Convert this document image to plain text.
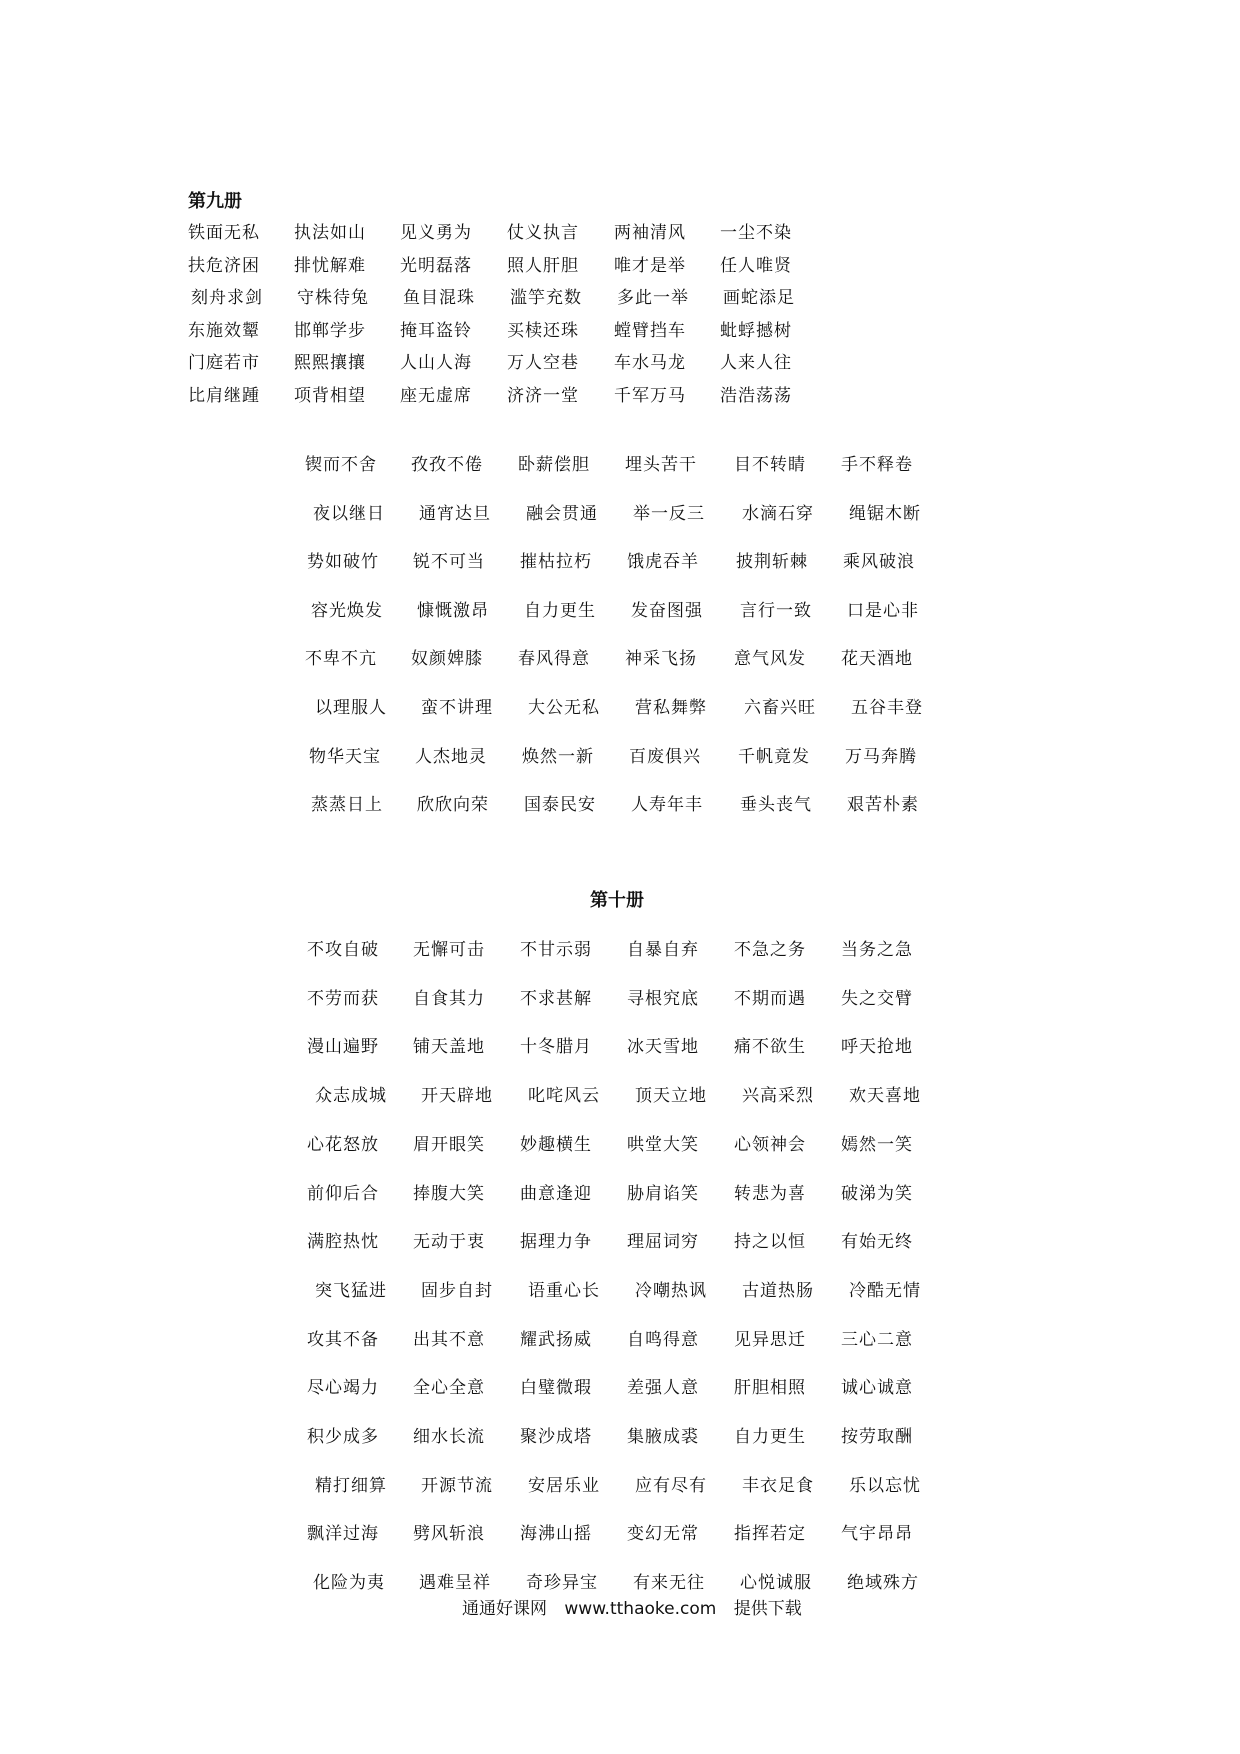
第九册
铁面无私 执法如山 见义勇为 仗义执言 两袖清风 一尘不染
扶危济困 排忧解难 光明磊落 照人肝胆 唯才是举 任人唯贤
刻舟求剑 守株待兔 鱼目混珠 滥竽充数 多此一举 画蛇添足
东施效颦 邯郸学步 掩耳盗铃 买椟还珠 螳臂挡车 蚍蜉撼树
门庭若市 熙熙攘攘 人山人海 万人空巷 车水马龙 人来人往
比肩继踵 项背相望 座无虚席 济济一堂 千军万马 浩浩荡荡
锲而不舍 孜孜不倦 卧薪偿胆 埋头苦干 目不转睛 手不释卷
夜以继日 通宵达旦 融会贯通 举一反三 水滴石穿 绳锯木断
势如破竹 锐不可当 摧枯拉朽 饿虎吞羊 披荆斩棘 乘风破浪
容光焕发 慷慨激昂 自力更生 发奋图强 言行一致 口是心非
不卑不亢 奴颜婢膝 春风得意 神采飞扬 意气风发 花天酒地
以理服人 蛮不讲理 大公无私 营私舞弊 六畜兴旺 五谷丰登
物华天宝 人杰地灵 焕然一新 百废俱兴 千帆竟发 万马奔腾
蒸蒸日上 欣欣向荣 国泰民安 人寿年丰 垂头丧气 艰苦朴素
第十册
不攻自破 无懈可击 不甘示弱 自暴自弃 不急之务 当务之急
不劳而获 自食其力 不求甚解 寻根究底 不期而遇 失之交臂
漫山遍野 铺天盖地 十冬腊月 冰天雪地 痛不欲生 呼天抢地
众志成城 开天辟地 叱咤风云 顶天立地 兴高采烈 欢天喜地
心花怒放 眉开眼笑 妙趣横生 哄堂大笑 心领神会 嫣然一笑
前仰后合 捧腹大笑 曲意逢迎 胁肩谄笑 转悲为喜 破涕为笑
满腔热忱 无动于衷 据理力争 理屈词穷 持之以恒 有始无终
突飞猛进 固步自封 语重心长 冷嘲热讽 古道热肠 冷酷无情
攻其不备 出其不意 耀武扬威 自鸣得意 见异思迁 三心二意
尽心竭力 全心全意 白璧微瑕 差强人意 肝胆相照 诚心诚意
积少成多 细水长流 聚沙成塔 集腋成裘 自力更生 按劳取酬
精打细算 开源节流 安居乐业 应有尽有 丰衣足食 乐以忘忧
飘洋过海 劈风斩浪 海沸山摇 变幻无常 指挥若定 气宇昂昂
化险为夷 遇难呈祥 奇珍异宝 有来无往 心悦诚服 绝域殊方
通通好课网 www.tthaoke.com 提供下载
